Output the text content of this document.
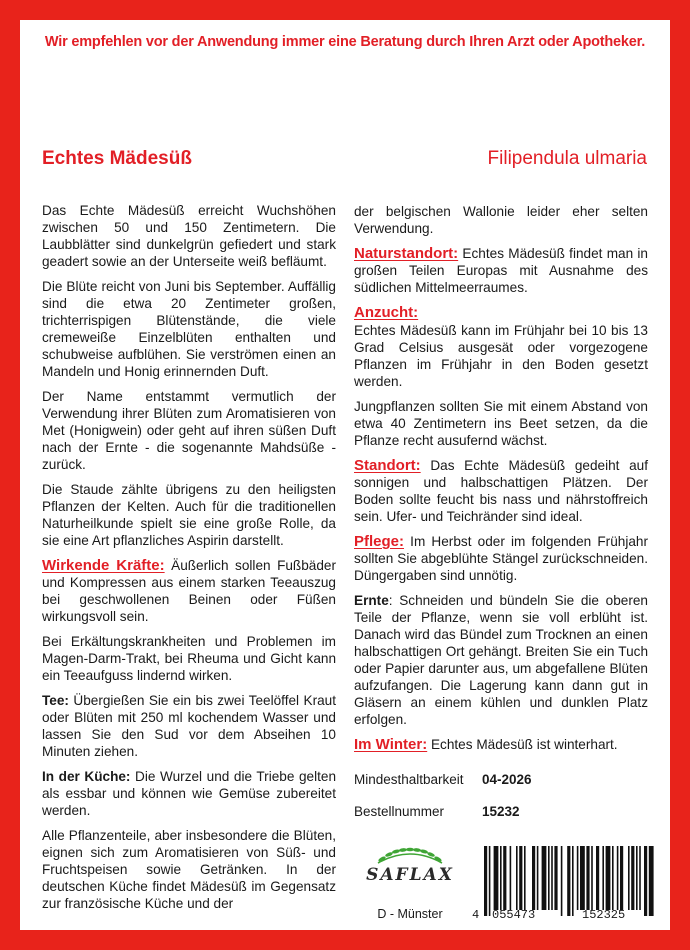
Wir empfehlen vor der Anwendung immer eine Beratung durch Ihren Arzt oder Apotheker.
Echtes Mädesüß	Filipendula ulmaria

Das Echte Mädesüß erreicht Wuchshöhen zwischen 50 und 150 Zentimetern. Die Laubblätter sind dunkelgrün gefiedert und stark geadert sowie an der Unterseite weiß befläumt.

Die Blüte reicht von Juni bis September. Auffällig sind die etwa 20 Zentimeter großen, trichterrispigen Blütenstände, die viele cremeweiße Einzelblüten enthalten und schubweise aufblühen. Sie verströmen einen an Mandeln und Honig erinnernden Duft.

Der Name entstammt vermutlich der Verwendung ihrer Blüten zum Aromatisieren von Met (Honigwein) oder geht auf ihren süßen Duft nach der Ernte - die sogenannte Mahdsüße - zurück.

Die Staude zählte übrigens zu den heiligsten Pflanzen der Kelten. Auch für die traditionellen Naturheilkunde spielt sie eine große Rolle, da sie eine Art pflanzliches Aspirin darstellt.

Wirkende Kräfte: Äußerlich sollen Fußbäder und Kompressen aus einem starken Teeauszug bei geschwollenen Beinen oder Füßen wirkungsvoll sein.

Bei Erkältungskrankheiten und Problemen im Magen-Darm-Trakt, bei Rheuma und Gicht kann ein Teeaufguss lindernd wirken.

Tee: Übergießen Sie ein bis zwei Teelöffel Kraut oder Blüten mit 250 ml kochendem Wasser und lassen Sie den Sud vor dem Abseihen 10 Minuten ziehen.

In der Küche: Die Wurzel und die Triebe gelten als essbar und können wie Gemüse zubereitet werden.

Alle Pflanzenteile, aber insbesondere die Blüten, eignen sich zum Aromatisieren von Süß- und Fruchtspeisen sowie Getränken. In der deutschen Küche findet Mädesüß im Gegensatz zur französische Küche und der

der belgischen Wallonie leider eher selten Verwendung.

Naturstandort: Echtes Mädesüß findet man in großen Teilen Europas mit Ausnahme des südlichen Mittelmeerraumes.

Anzucht:
Echtes Mädesüß kann im Frühjahr bei 10 bis 13 Grad Celsius ausgesät oder vorgezogene Pflanzen im Frühjahr in den Boden gesetzt werden.

Jungpflanzen sollten Sie mit einem Abstand von etwa 40 Zentimetern ins Beet setzen, da die Pflanze recht ausufernd wächst.

Standort: Das Echte Mädesüß gedeiht auf sonnigen und halbschattigen Plätzen. Der Boden sollte feucht bis nass und nährstoffreich sein. Ufer- und Teichränder sind ideal.

Pflege: Im Herbst oder im folgenden Frühjahr sollten Sie abgeblühte Stängel zurückschneiden. Düngergaben sind unnötig.

Ernte: Schneiden und bündeln Sie die oberen Teile der Pflanze, wenn sie voll erblüht ist. Danach wird das Bündel zum Trocknen an einen halbschattigen Ort gehängt. Breiten Sie ein Tuch oder Papier darunter aus, um abgefallene Blüten aufzufangen. Die Lagerung kann dann gut in Gläsern an einem kühlen und dunklen Platz erfolgen.

Im Winter: Echtes Mädesüß ist winterhart.

Mindesthaltbarkeit 04-2026
Bestellnummer	15232
SAFLAX
D - Münster	4 055473	152325
